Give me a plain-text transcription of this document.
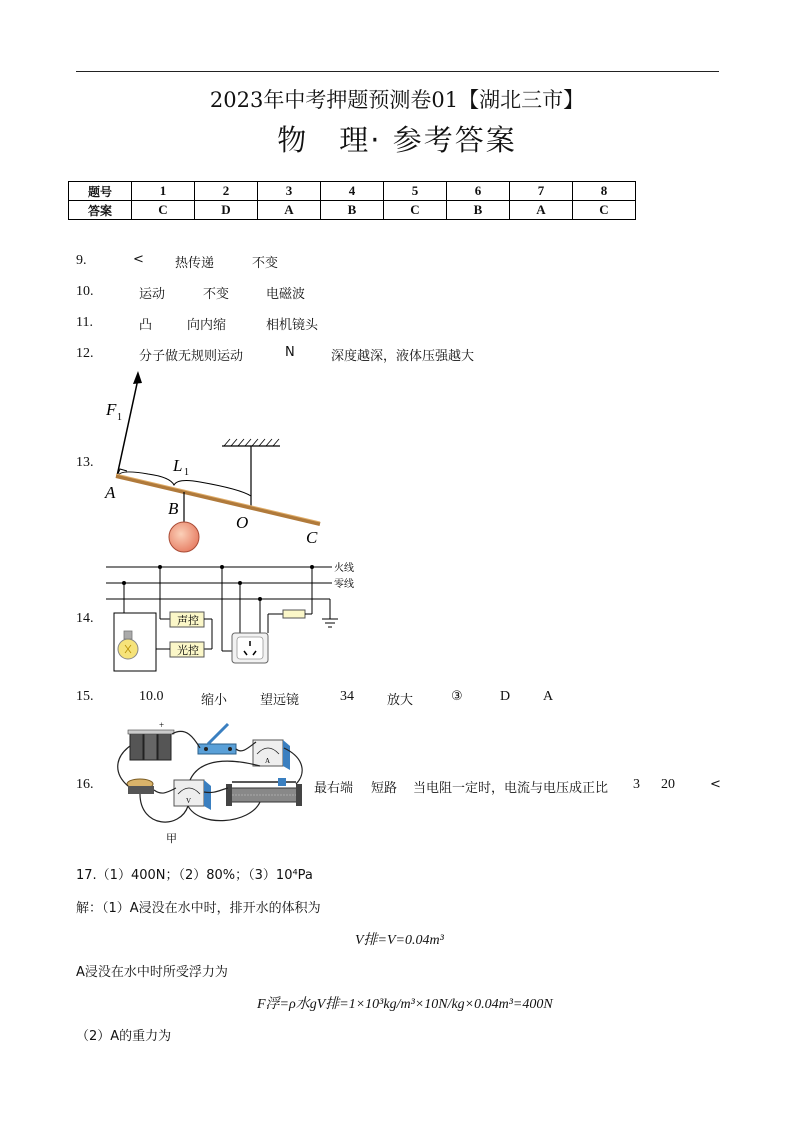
2023年中考押题预测卷01【湖北三市】
物　理· 参考答案
题号	1	2	3	4	5	6	7	8
答案	C	D	A	B	C	B	A	C
9.	< 热传递	不变
10.	运动	不变	电磁波
11.	凸	向内缩	相机镜头
12.	分子做无规则运动	N	深度越深，液体压强越大
13.
F 1
L 1
A
B
O
C
14.
火线
零线
声控
光控
15.	10.0	缩小	望远镜	34	放大	③	D A
16.
+
A
V
甲
最右端 短路 当电阻一定时，电流与电压成正比 3 20	<
17.（1）400N；（2）80%；（3）10⁴Pa
解：（1）A浸没在水中时，排开水的体积为
V排=V=0.04m³
A浸没在水中时所受浮力为
F浮=ρ水gV排=1×10³kg/m³×10N/kg×0.04m³=400N
（2）A的重力为
